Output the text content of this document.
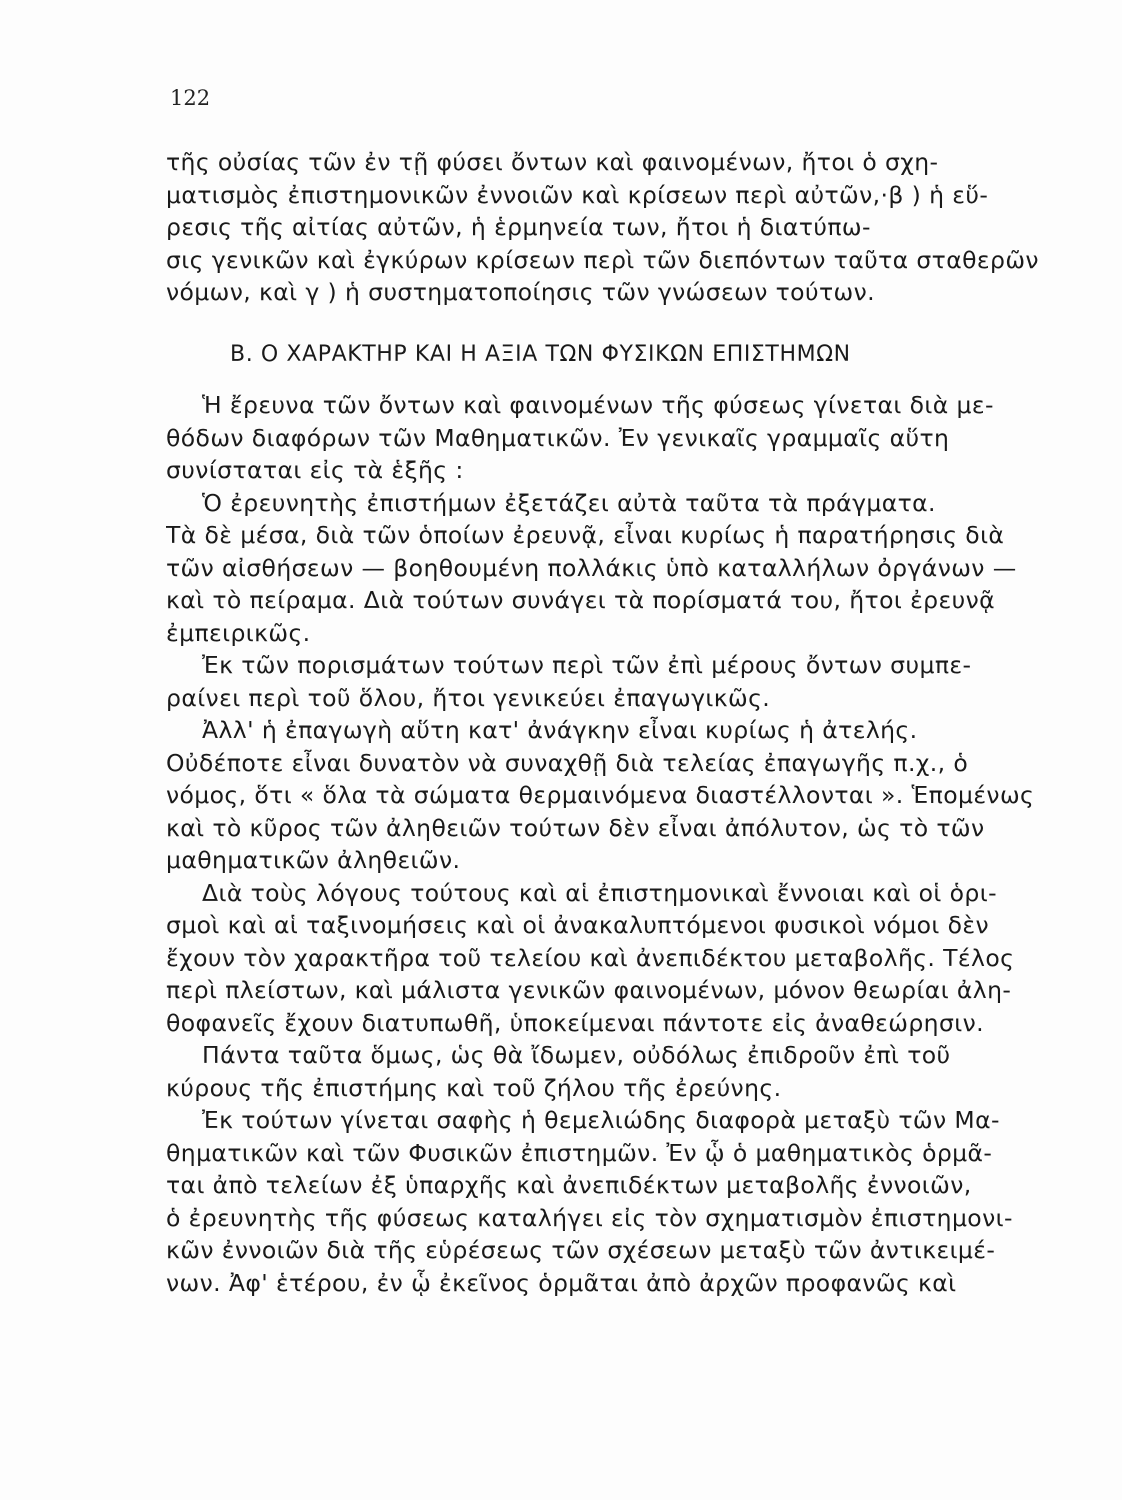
122
τῆς οὐσίας τῶν ἐν τῇ φύσει ὄντων καὶ φαινομένων, ἤτοι ὁ σχη-
ματισμὸς ἐπιστημονικῶν ἐννοιῶν καὶ κρίσεων περὶ αὐτῶν,·β ) ἡ εὕ-
ρεσις τῆς αἰτίας αὐτῶν, ἡ ἑρμηνεία των, ἤτοι ἡ διατύπω-
σις γενικῶν καὶ ἐγκύρων κρίσεων περὶ τῶν διεπόντων ταῦτα σταθερῶν
νόμων, καὶ γ ) ἡ συστηματοποίησις τῶν γνώσεων τούτων.
Β. Ο ΧΑΡΑΚΤΗΡ ΚΑΙ Η ΑΞΙΑ ΤΩΝ ΦΥΣΙΚΩΝ ΕΠΙΣΤΗΜΩΝ
Ἡ ἔρευνα τῶν ὄντων καὶ φαινομένων τῆς φύσεως γίνεται διὰ με-
θόδων διαφόρων τῶν Μαθηματικῶν. Ἐν γενικαῖς γραμμαῖς αὕτη
συνίσταται εἰς τὰ ἑξῆς :
Ὁ ἐρευνητὴς ἐπιστήμων ἐξετάζει αὐτὰ ταῦτα τὰ πράγματα.
Τὰ δὲ μέσα, διὰ τῶν ὁποίων ἐρευνᾷ, εἶναι κυρίως ἡ παρατήρησις διὰ
τῶν αἰσθήσεων — βοηθουμένη πολλάκις ὑπὸ καταλλήλων ὀργάνων —
καὶ τὸ πείραμα. Διὰ τούτων συνάγει τὰ πορίσματά του, ἤτοι ἐρευνᾷ
ἐμπειρικῶς.
Ἐκ τῶν πορισμάτων τούτων περὶ τῶν ἐπὶ μέρους ὄντων συμπε-
ραίνει περὶ τοῦ ὅλου, ἤτοι γενικεύει ἐπαγωγικῶς.
Ἀλλ' ἡ ἐπαγωγὴ αὕτη κατ' ἀνάγκην εἶναι κυρίως ἡ ἀτελής.
Οὐδέποτε εἶναι δυνατὸν νὰ συναχθῇ διὰ τελείας ἐπαγωγῆς π.χ., ὁ
νόμος, ὅτι « ὅλα τὰ σώματα θερμαινόμενα διαστέλλονται ». Ἑπομένως
καὶ τὸ κῦρος τῶν ἀληθειῶν τούτων δὲν εἶναι ἀπόλυτον, ὡς τὸ τῶν
μαθηματικῶν ἀληθειῶν.
Διὰ τοὺς λόγους τούτους καὶ αἱ ἐπιστημονικαὶ ἔννοιαι καὶ οἱ ὁρι-
σμοὶ καὶ αἱ ταξινομήσεις καὶ οἱ ἀνακαλυπτόμενοι φυσικοὶ νόμοι δὲν
ἔχουν τὸν χαρακτῆρα τοῦ τελείου καὶ ἀνεπιδέκτου μεταβολῆς. Τέλος
περὶ πλείστων, καὶ μάλιστα γενικῶν φαινομένων, μόνον θεωρίαι ἀλη-
θοφανεῖς ἔχουν διατυπωθῆ, ὑποκείμεναι πάντοτε εἰς ἀναθεώρησιν.
Πάντα ταῦτα ὅμως, ὡς θὰ ἴδωμεν, οὐδόλως ἐπιδροῦν ἐπὶ τοῦ
κύρους τῆς ἐπιστήμης καὶ τοῦ ζήλου τῆς ἐρεύνης.
Ἐκ τούτων γίνεται σαφὴς ἡ θεμελιώδης διαφορὰ μεταξὺ τῶν Μα-
θηματικῶν καὶ τῶν Φυσικῶν ἐπιστημῶν. Ἐν ᾧ ὁ μαθηματικὸς ὁρμᾶ-
ται ἀπὸ τελείων ἐξ ὑπαρχῆς καὶ ἀνεπιδέκτων μεταβολῆς ἐννοιῶν,
ὁ ἐρευνητὴς τῆς φύσεως καταλήγει εἰς τὸν σχηματισμὸν ἐπιστημονι-
κῶν ἐννοιῶν διὰ τῆς εὑρέσεως τῶν σχέσεων μεταξὺ τῶν ἀντικειμέ-
νων. Ἀφ' ἑτέρου, ἐν ᾧ ἐκεῖνος ὁρμᾶται ἀπὸ ἀρχῶν προφανῶς καὶ
